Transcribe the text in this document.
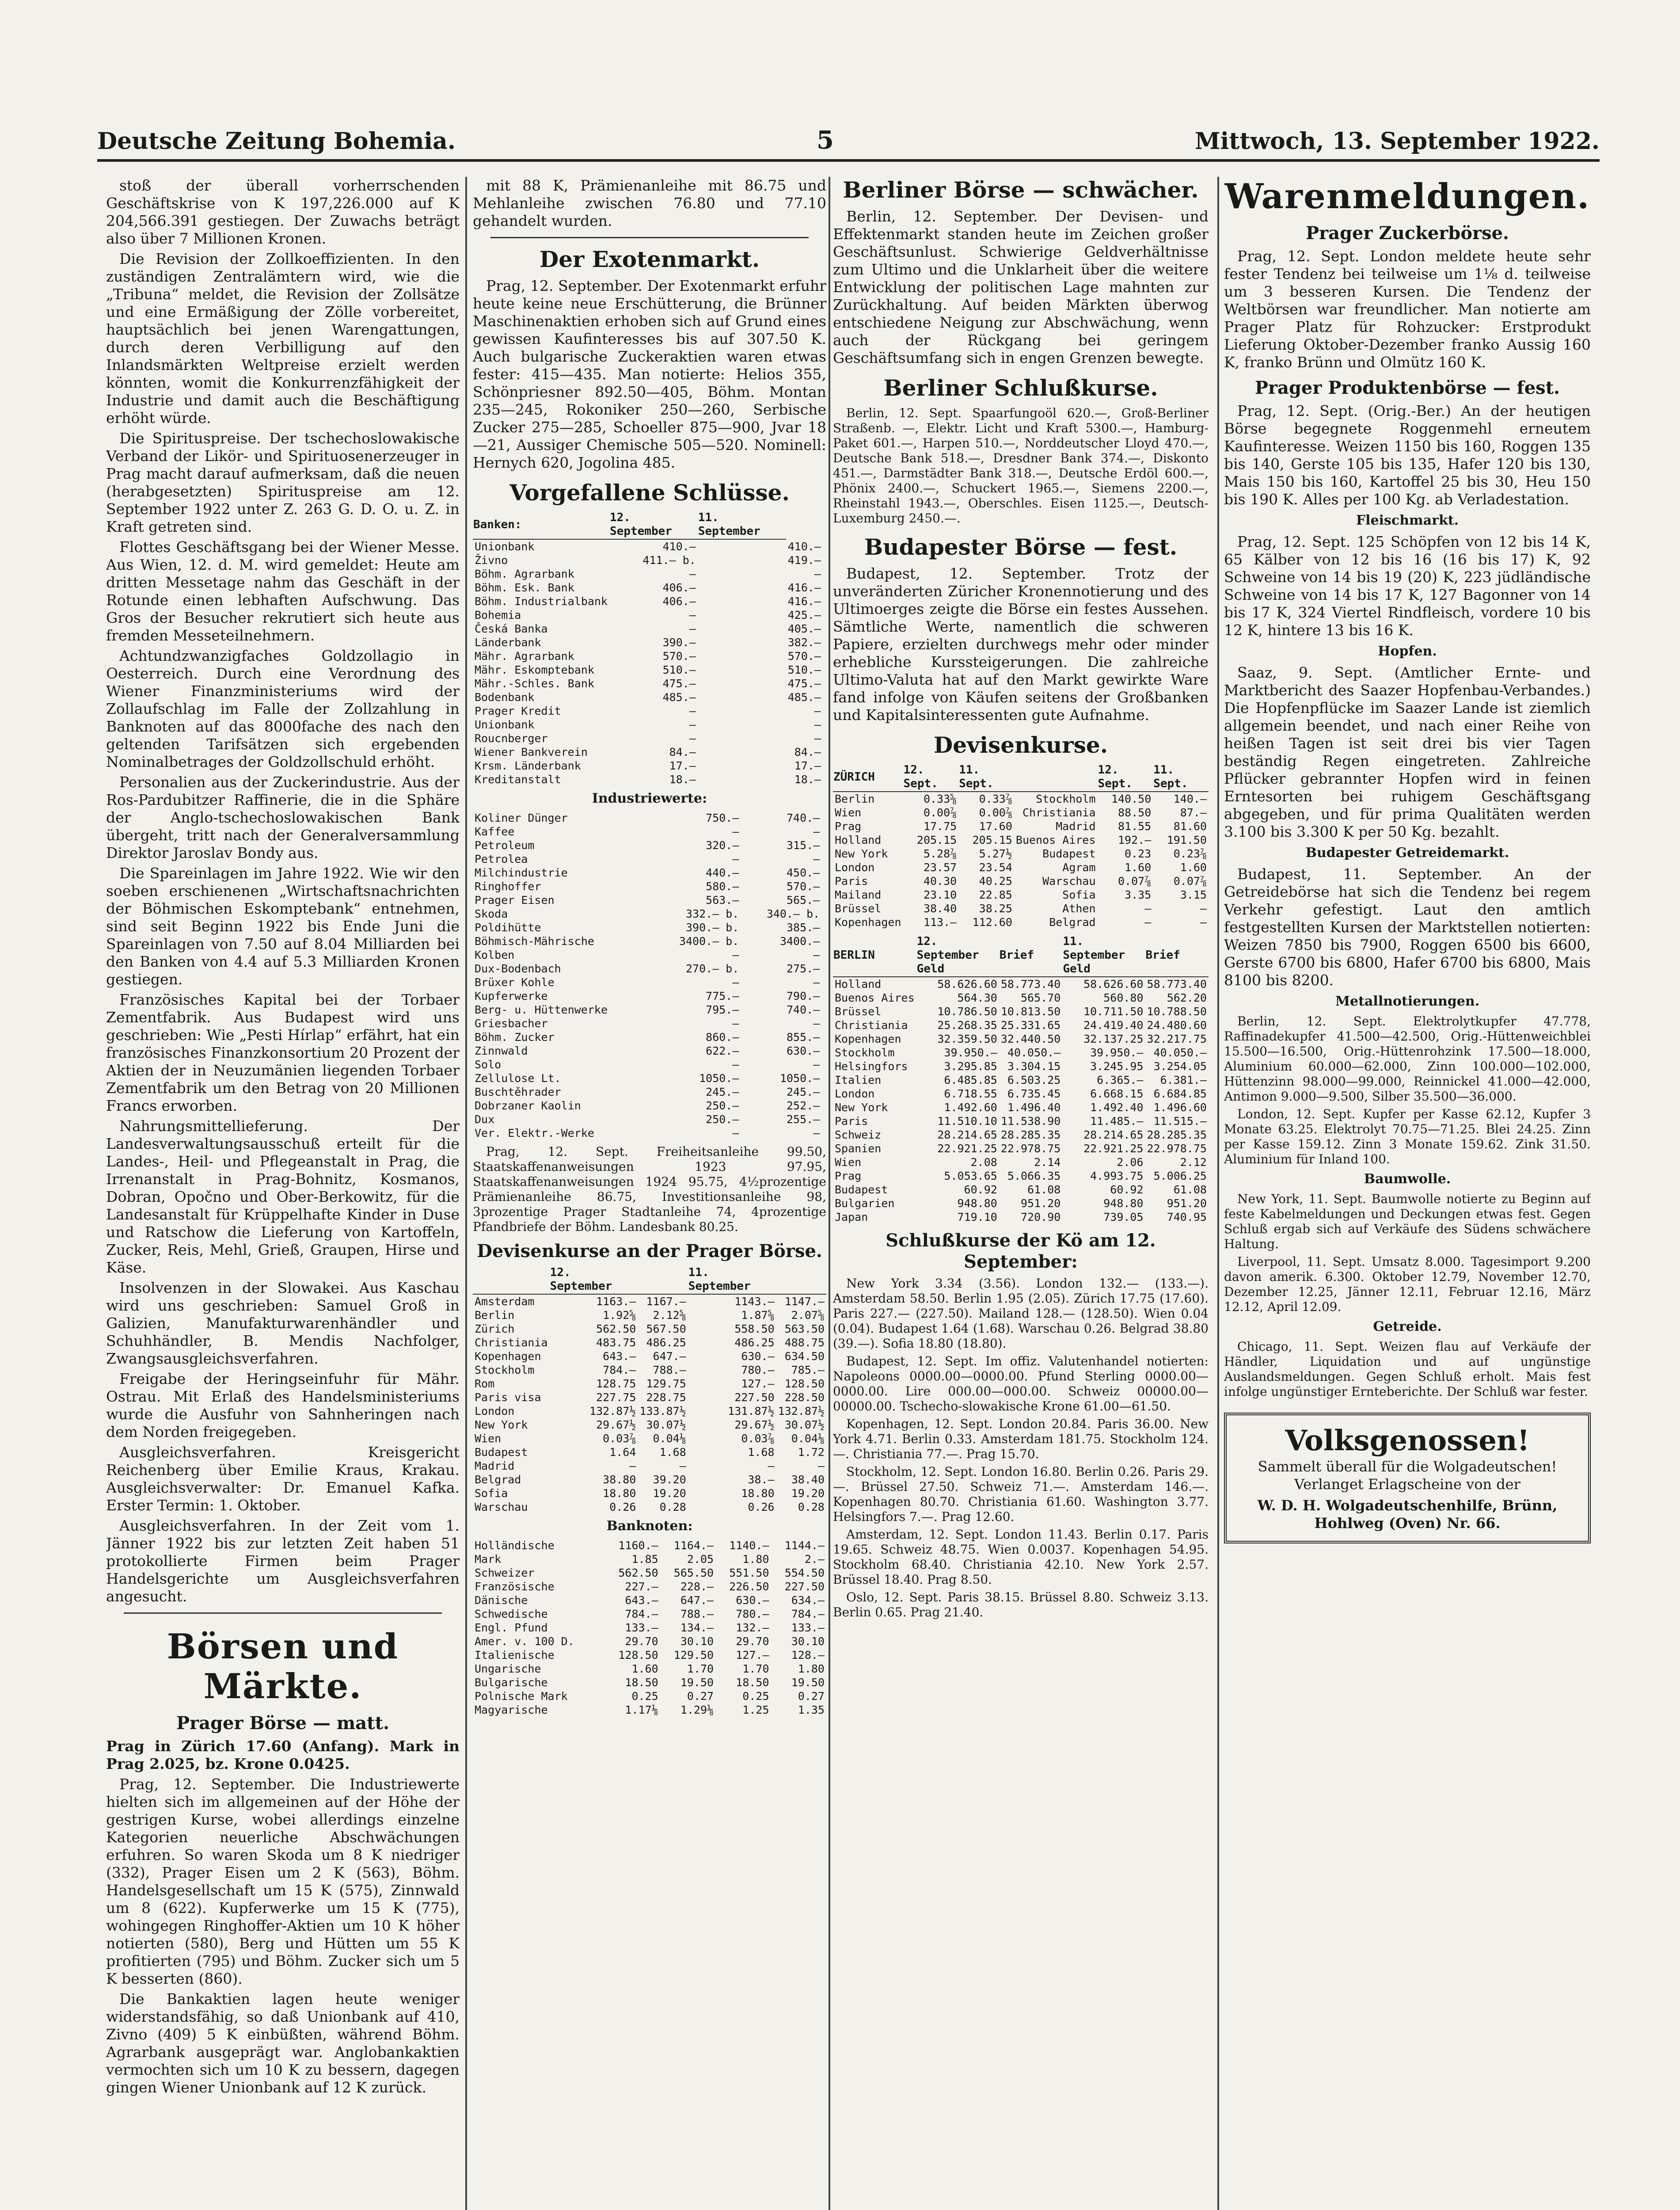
Deutsche Zeitung Bohemia.	5	Mittwoch, 13. September 1922.

stoß der überall vorherrschenden Geschäftskrise von K 197,226.000 auf K 204,566.391 gestiegen. Der Zuwachs beträgt also über 7 Millionen Kronen.

Die Revision der Zollkoeffizienten. In den zuständigen Zentralämtern wird, wie die „Tribuna“ meldet, die Revision der Zollsätze und eine Ermäßigung der Zölle vorbereitet, hauptsächlich bei jenen Warengattungen, durch deren Verbilligung auf den Inlandsmärkten Weltpreise erzielt werden könnten, womit die Konkurrenzfähigkeit der Industrie und damit auch die Beschäftigung erhöht würde.

Die Spirituspreise. Der tschechoslowakische Verband der Likör- und Spirituosenerzeuger in Prag macht darauf aufmerksam, daß die neuen (herabgesetzten) Spirituspreise am 12. September 1922 unter Z. 263 G. D. O. u. Z. in Kraft getreten sind.

Flottes Geschäftsgang bei der Wiener Messe. Aus Wien, 12. d. M. wird gemeldet: Heute am dritten Messetage nahm das Geschäft in der Rotunde einen lebhaften Aufschwung. Das Gros der Besucher rekrutiert sich heute aus fremden Messeteilnehmern.

Achtundzwanzigfaches Goldzollagio in Oesterreich. Durch eine Verordnung des Wiener Finanzministeriums wird der Zollaufschlag im Falle der Zollzahlung in Banknoten auf das 8000fache des nach den geltenden Tarifsätzen sich ergebenden Nominalbetrages der Goldzollschuld erhöht.

Personalien aus der Zuckerindustrie. Aus der Ros-Pardubitzer Raffinerie, die in die Sphäre der Anglo-tschechoslowakischen Bank übergeht, tritt nach der Generalversammlung Direktor Jaroslav Bondy aus.

Die Spareinlagen im Jahre 1922. Wie wir den soeben erschienenen „Wirtschaftsnachrichten der Böhmischen Eskomptebank“ entnehmen, sind seit Beginn 1922 bis Ende Juni die Spareinlagen von 7.50 auf 8.04 Milliarden bei den Banken von 4.4 auf 5.3 Milliarden Kronen gestiegen.

Französisches Kapital bei der Torbaer Zementfabrik. Aus Budapest wird uns geschrieben: Wie „Pesti Hírlap“ erfährt, hat ein französisches Finanzkonsortium 20 Prozent der Aktien der in Neuzumänien liegenden Torbaer Zementfabrik um den Betrag von 20 Millionen Francs erworben.

Nahrungsmittellieferung. Der Landesverwaltungsausschuß erteilt für die Landes-, Heil- und Pflegeanstalt in Prag, die Irrenanstalt in Prag-Bohnitz, Kosmanos, Dobran, Opočno und Ober-Berkowitz, für die Landesanstalt für Krüppelhafte Kinder in Duse und Ratschow die Lieferung von Kartoffeln, Zucker, Reis, Mehl, Grieß, Graupen, Hirse und Käse.

Insolvenzen in der Slowakei. Aus Kaschau wird uns geschrieben: Samuel Groß in Galizien, Manufakturwarenhändler und Schuhhändler, B. Mendis Nachfolger, Zwangsausgleichsverfahren.

Freigabe der Heringseinfuhr für Mähr. Ostrau. Mit Erlaß des Handelsministeriums wurde die Ausfuhr von Sahnheringen nach dem Norden freigegeben.

Ausgleichsverfahren. Kreisgericht Reichenberg über Emilie Kraus, Krakau. Ausgleichsverwalter: Dr. Emanuel Kafka. Erster Termin: 1. Oktober.

Ausgleichsverfahren. In der Zeit vom 1. Jänner 1922 bis zur letzten Zeit haben 51 protokollierte Firmen beim Prager Handelsgerichte um Ausgleichsverfahren angesucht.

Börsen und Märkte.
Prager Börse — matt.

Prag in Zürich 17.60 (Anfang). Mark in Prag 2.025, bz. Krone 0.0425.

Prag, 12. September. Die Industriewerte hielten sich im allgemeinen auf der Höhe der gestrigen Kurse, wobei allerdings einzelne Kategorien neuerliche Abschwächungen erfuhren. So waren Skoda um 8 K niedriger (332), Prager Eisen um 2 K (563), Böhm. Handelsgesellschaft um 15 K (575), Zinnwald um 8 (622). Kupferwerke um 15 K (775), wohingegen Ringhoffer-Aktien um 10 K höher notierten (580), Berg und Hütten um 55 K profitierten (795) und Böhm. Zucker sich um 5 K besserten (860).

Die Bankaktien lagen heute weniger widerstandsfähig, so daß Unionbank auf 410, Zivno (409) 5 K einbüßten, während Böhm. Agrarbank ausgeprägt war. Anglobankaktien vermochten sich um 10 K zu bessern, dagegen gingen Wiener Unionbank auf 12 K zurück.

mit 88 K, Prämienanleihe mit 86.75 und Mehlanleihe zwischen 76.80 und 77.10 gehandelt wurden.

Der Exotenmarkt.

Prag, 12. September. Der Exotenmarkt erfuhr heute keine neue Erschütterung, die Brünner Maschinenaktien erhoben sich auf Grund eines gewissen Kaufinteresses bis auf 307.50 K. Auch bulgarische Zuckeraktien waren etwas fester: 415—435. Man notierte: Helios 355, Schönpriesner 892.50—405, Böhm. Montan 235—245, Rokoniker 250—260, Serbische Zucker 275—285, Schoeller 875—900, Jvar 18—21, Aussiger Chemische 505—520. Nominell: Hernych 620, Jogolina 485.

Vorgefallene Schlüsse.
Banken:	12. September	11. September		
Unionbank	410.—		410.—	
Živno	411.— b.		419.—	
Böhm. Agrarbank	—		—	
Böhm. Esk. Bank	406.—		416.—	
Böhm. Industrialbank	406.—		416.—	
Bohemia	—		425.—	
Česká Banka	—		405.—	
Länderbank	390.—		382.—	
Mähr. Agrarbank	570.—		570.—	
Mähr. Eskomptebank	510.—		510.—	
Mähr.-Schles. Bank	475.—		475.—	
Bodenbank	485.—		485.—	
Prager Kredit	—		—	
Unionbank	—		—	
Roucnberger	—		—	
Wiener Bankverein	84.—		84.—	
Krsm. Länderbank	17.—		17.—	
Kreditanstalt	18.—		18.—	
Industriewerte:
Koliner Dünger	750.—		740.—	
Kaffee	—		—	
Petroleum	320.—		315.—	
Petrolea	—		—	
Milchindustrie	440.—		450.—	
Ringhoffer	580.—		570.—	
Prager Eisen	563.—		565.—	
Skoda	332.— b.		340.— b.	
Poldihütte	390.— b.		385.—	
Böhmisch-Mährische	3400.— b.		3400.—	
Kolben	—		—	
Dux-Bodenbach	270.— b.		275.—	
Brüxer Kohle	—		—	
Kupferwerke	775.—		790.—	
Berg- u. Hüttenwerke	795.—		740.—	
Griesbacher	—		—	
Böhm. Zucker	860.—		855.—	
Zinnwald	622.—		630.—	
Solo	—		—	
Zellulose Lt.	1050.—		1050.—	
Buschtěhrader	245.—		245.—	
Dobrzaner Kaolin	250.—		252.—	
Dux	250.—		255.—	
Ver. Elektr.-Werke	—		—	

Prag, 12. Sept. Freiheitsanleihe 99.50, Staatskaffenanweisungen 1923 97.95, Staatskaffenanweisungen 1924 95.75, 4½prozentige Prämienanleihe 86.75, Investitionsanleihe 98, 3prozentige Prager Stadtanleihe 74, 4prozentige Pfandbriefe der Böhm. Landesbank 80.25.

Devisenkurse an der Prager Börse.
	12. September		11. September	
Amsterdam	1163.—	1167.—	1143.—	1147.—
Berlin	1.92⅝	2.12⅝	1.87⅝	2.07⅝
Zürich	562.50	567.50	558.50	563.50
Christiania	483.75	486.25	486.25	488.75
Kopenhagen	643.—	647.—	630.—	634.50
Stockholm	784.—	788.—	780.—	785.—
Rom	128.75	129.75	127.—	128.50
Paris visa	227.75	228.75	227.50	228.50
London	132.87½	133.87½	131.87½	132.87½
New York	29.67½	30.07½	29.67½	30.07½
Wien	0.03⅞	0.04⅛	0.03⅞	0.04⅛
Budapest	1.64	1.68	1.68	1.72
Madrid	—	—	—	—
Belgrad	38.80	39.20	38.—	38.40
Sofia	18.80	19.20	18.80	19.20
Warschau	0.26	0.28	0.26	0.28
Banknoten:
Holländische	1160.—	1164.—	1140.—	1144.—
Mark	1.85	2.05	1.80	2.—
Schweizer	562.50	565.50	551.50	554.50
Französische	227.—	228.—	226.50	227.50
Dänische	643.—	647.—	630.—	634.—
Schwedische	784.—	788.—	780.—	784.—
Engl. Pfund	133.—	134.—	132.—	133.—
Amer. v. 100 D.	29.70	30.10	29.70	30.10
Italienische	128.50	129.50	127.—	128.—
Ungarische	1.60	1.70	1.70	1.80
Bulgarische	18.50	19.50	18.50	19.50
Polnische Mark	0.25	0.27	0.25	0.27
Magyarische	1.17⅛	1.29⅛	1.25	1.35
Berliner Börse — schwächer.

Berlin, 12. September. Der Devisen- und Effektenmarkt standen heute im Zeichen großer Geschäftsunlust. Schwierige Geldverhältnisse zum Ultimo und die Unklarheit über die weitere Entwicklung der politischen Lage mahnten zur Zurückhaltung. Auf beiden Märkten überwog entschiedene Neigung zur Abschwächung, wenn auch der Rückgang bei geringem Geschäftsumfang sich in engen Grenzen bewegte.

Berliner Schlußkurse.

Berlin, 12. Sept. Spaarfungoöl 620.—, Groß-Berliner Straßenb. —, Elektr. Licht und Kraft 5300.—, Hamburg-Paket 601.—, Harpen 510.—, Norddeutscher Lloyd 470.—, Deutsche Bank 518.—, Dresdner Bank 374.—, Diskonto 451.—, Darmstädter Bank 318.—, Deutsche Erdöl 600.—, Phönix 2400.—, Schuckert 1965.—, Siemens 2200.—, Rheinstahl 1943.—, Oberschles. Eisen 1125.—, Deutsch-Luxemburg 2450.—.

Budapester Börse — fest.

Budapest, 12. September. Trotz der unveränderten Züricher Kronennotierung und des Ultimoerges zeigte die Börse ein festes Aussehen. Sämtliche Werte, namentlich die schweren Papiere, erzielten durchwegs mehr oder minder erhebliche Kurssteigerungen. Die zahlreiche Ultimo-Valuta hat auf den Markt gewirkte Ware fand infolge von Käufen seitens der Großbanken und Kapitalsinteressenten gute Aufnahme.

Devisenkurse.
ZÜRICH	12. Sept.	11. Sept.		12. Sept.	11. Sept.
Berlin	0.33⅝	0.33⅞	Stockholm	140.50	140.—
Wien	0.00⅞	0.00⅞	Christiania	88.50	87.—
Prag	17.75	17.60	Madrid	81.55	81.60
Holland	205.15	205.15	Buenos Aires	192.—	191.50
New York	5.28⅞	5.27½	Budapest	0.23	0.23⅞
London	23.57	23.54	Agram	1.60	1.60
Paris	40.30	40.25	Warschau	0.07⅞	0.07⅞
Mailand	23.10	22.85	Sofia	3.35	3.15
Brüssel	38.40	38.25	Athen	—	—
Kopenhagen	113.—	112.60	Belgrad	—	—
BERLIN	12. September Geld	Brief	11. September Geld	Brief
Holland	58.626.60	58.773.40	58.626.60	58.773.40
Buenos Aires	564.30	565.70	560.80	562.20
Brüssel	10.786.50	10.813.50	10.711.50	10.788.50
Christiania	25.268.35	25.331.65	24.419.40	24.480.60
Kopenhagen	32.359.50	32.440.50	32.137.25	32.217.75
Stockholm	39.950.—	40.050.—	39.950.—	40.050.—
Helsingfors	3.295.85	3.304.15	3.245.95	3.254.05
Italien	6.485.85	6.503.25	6.365.—	6.381.—
London	6.718.55	6.735.45	6.668.15	6.684.85
New York	1.492.60	1.496.40	1.492.40	1.496.60
Paris	11.510.10	11.538.90	11.485.—	11.515.—
Schweiz	28.214.65	28.285.35	28.214.65	28.285.35
Spanien	22.921.25	22.978.75	22.921.25	22.978.75
Wien	2.08	2.14	2.06	2.12
Prag	5.053.65	5.066.35	4.993.75	5.006.25
Budapest	60.92	61.08	60.92	61.08
Bulgarien	948.80	951.20	948.80	951.20
Japan	719.10	720.90	739.05	740.95
Schlußkurse der Kö am 12. September:

New York 3.34 (3.56). London 132.— (133.—). Amsterdam 58.50. Berlin 1.95 (2.05). Zürich 17.75 (17.60). Paris 227.— (227.50). Mailand 128.— (128.50). Wien 0.04 (0.04). Budapest 1.64 (1.68). Warschau 0.26. Belgrad 38.80 (39.—). Sofia 18.80 (18.80).

Budapest, 12. Sept. Im offiz. Valutenhandel notierten: Napoleons 0000.00—0000.00. Pfund Sterling 0000.00—0000.00. Lire 000.00—000.00. Schweiz 00000.00—00000.00. Tschecho-slowakische Krone 61.00—61.50.

Kopenhagen, 12. Sept. London 20.84. Paris 36.00. New York 4.71. Berlin 0.33. Amsterdam 181.75. Stockholm 124.—. Christiania 77.—. Prag 15.70.

Stockholm, 12. Sept. London 16.80. Berlin 0.26. Paris 29.—. Brüssel 27.50. Schweiz 71.—. Amsterdam 146.—. Kopenhagen 80.70. Christiania 61.60. Washington 3.77. Helsingfors 7.—. Prag 12.60.

Amsterdam, 12. Sept. London 11.43. Berlin 0.17. Paris 19.65. Schweiz 48.75. Wien 0.0037. Kopenhagen 54.95. Stockholm 68.40. Christiania 42.10. New York 2.57. Brüssel 18.40. Prag 8.50.

Oslo, 12. Sept. Paris 38.15. Brüssel 8.80. Schweiz 3.13. Berlin 0.65. Prag 21.40.

Warenmeldungen.
Prager Zuckerbörse.

Prag, 12. Sept. London meldete heute sehr fester Tendenz bei teilweise um 1⅛ d. teilweise um 3 besseren Kursen. Die Tendenz der Weltbörsen war freundlicher. Man notierte am Prager Platz für Rohzucker: Erstprodukt Lieferung Oktober-Dezember franko Aussig 160 K, franko Brünn und Olmütz 160 K.

Prager Produktenbörse — fest.

Prag, 12. Sept. (Orig.-Ber.) An der heutigen Börse begegnete Roggenmehl erneutem Kaufinteresse. Weizen 1150 bis 160, Roggen 135 bis 140, Gerste 105 bis 135, Hafer 120 bis 130, Mais 150 bis 160, Kartoffel 25 bis 30, Heu 150 bis 190 K. Alles per 100 Kg. ab Verladestation.

Fleischmarkt.

Prag, 12. Sept. 125 Schöpfen von 12 bis 14 K, 65 Kälber von 12 bis 16 (16 bis 17) K, 92 Schweine von 14 bis 19 (20) K, 223 jüdländische Schweine von 14 bis 17 K, 127 Bagonner von 14 bis 17 K, 324 Viertel Rindfleisch, vordere 10 bis 12 K, hintere 13 bis 16 K.

Hopfen.

Saaz, 9. Sept. (Amtlicher Ernte- und Marktbericht des Saazer Hopfenbau-Verbandes.) Die Hopfenpflücke im Saazer Lande ist ziemlich allgemein beendet, und nach einer Reihe von heißen Tagen ist seit drei bis vier Tagen beständig Regen eingetreten. Zahlreiche Pflücker gebrannter Hopfen wird in feinen Erntesorten bei ruhigem Geschäftsgang abgegeben, und für prima Qualitäten werden 3.100 bis 3.300 K per 50 Kg. bezahlt.

Budapester Getreidemarkt.

Budapest, 11. September. An der Getreidebörse hat sich die Tendenz bei regem Verkehr gefestigt. Laut den amtlich festgestellten Kursen der Marktstellen notierten: Weizen 7850 bis 7900, Roggen 6500 bis 6600, Gerste 6700 bis 6800, Hafer 6700 bis 6800, Mais 8100 bis 8200.

Metallnotierungen.

Berlin, 12. Sept. Elektrolytkupfer 47.778, Raffinadekupfer 41.500—42.500, Orig.-Hüttenweichblei 15.500—16.500, Orig.-Hüttenrohzink 17.500—18.000, Aluminium 60.000—62.000, Zinn 100.000—102.000, Hüttenzinn 98.000—99.000, Reinnickel 41.000—42.000, Antimon 9.000—9.500, Silber 35.500—36.000.

London, 12. Sept. Kupfer per Kasse 62.12, Kupfer 3 Monate 63.25. Elektrolyt 70.75—71.25. Blei 24.25. Zinn per Kasse 159.12. Zinn 3 Monate 159.62. Zink 31.50. Aluminium für Inland 100.

Baumwolle.

New York, 11. Sept. Baumwolle notierte zu Beginn auf feste Kabelmeldungen und Deckungen etwas fest. Gegen Schluß ergab sich auf Verkäufe des Südens schwächere Haltung.

Liverpool, 11. Sept. Umsatz 8.000. Tagesimport 9.200 davon amerik. 6.300. Oktober 12.79, November 12.70, Dezember 12.25, Jänner 12.11, Februar 12.16, März 12.12, April 12.09.

Getreide.

Chicago, 11. Sept. Weizen flau auf Verkäufe der Händler, Liquidation und auf ungünstige Auslandsmeldungen. Gegen Schluß erholt. Mais fest infolge ungünstiger Ernteberichte. Der Schluß war fester.

Volksgenossen!
Sammelt überall für die Wolgadeutschen! Verlanget Erlagscheine von der
W. D. H. Wolgadeutschenhilfe, Brünn, Hohlweg (Oven) Nr. 66.
